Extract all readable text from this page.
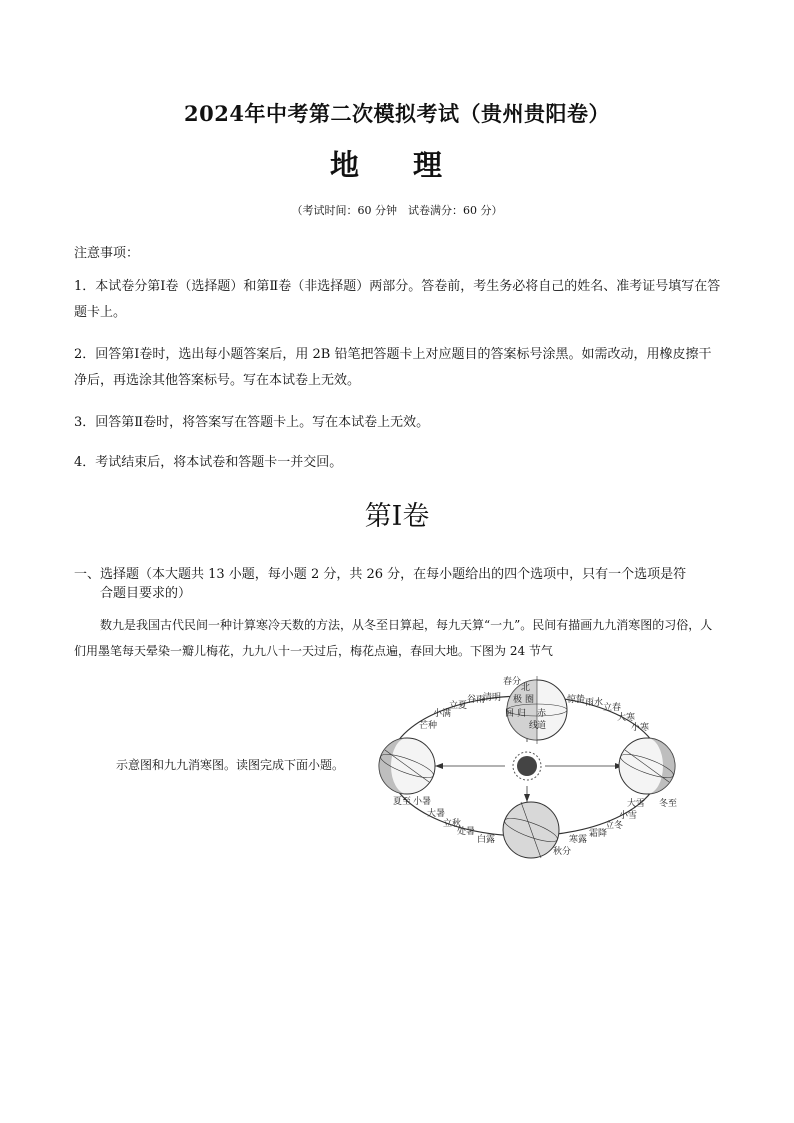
2024年中考第二次模拟考试（贵州贵阳卷）
地 理
（考试时间：60 分钟　试卷满分：60 分）
注意事项：
1．本试卷分第Ⅰ卷（选择题）和第Ⅱ卷（非选择题）两部分。答卷前，考生务必将自己的姓名、准考证号填写在答题卡上。
2．回答第Ⅰ卷时，选出每小题答案后，用 2B 铅笔把答题卡上对应题目的答案标号涂黑。如需改动，用橡皮擦干净后，再选涂其他答案标号。写在本试卷上无效。
3．回答第Ⅱ卷时，将答案写在答题卡上。写在本试卷上无效。
4．考试结束后，将本试卷和答题卡一并交回。
第Ⅰ卷
一、选择题（本大题共 13 小题，每小题 2 分，共 26 分，在每小题给出的四个选项中，只有一个选项是符
合题目要求的）
数九是我国古代民间一种计算寒冷天数的方法，从冬至日算起，每九天算“一九”。民间有描画九九消寒图的习俗，人们用墨笔每天晕染一瓣儿梅花，九九八十一天过后，梅花点遍，春回大地。下图为 24 节气
示意图和九九消寒图。读图完成下面小题。
北
极 圈
赤
道
回 归
线
春分
夏至
秋分
冬至
芒种
小满
立夏
谷雨
清明	惊蛰 雨水 立春
大寒
小寒
大雪
小雪
立冬
霜降
寒露
白露
处暑
立秋
大暑
小暑
